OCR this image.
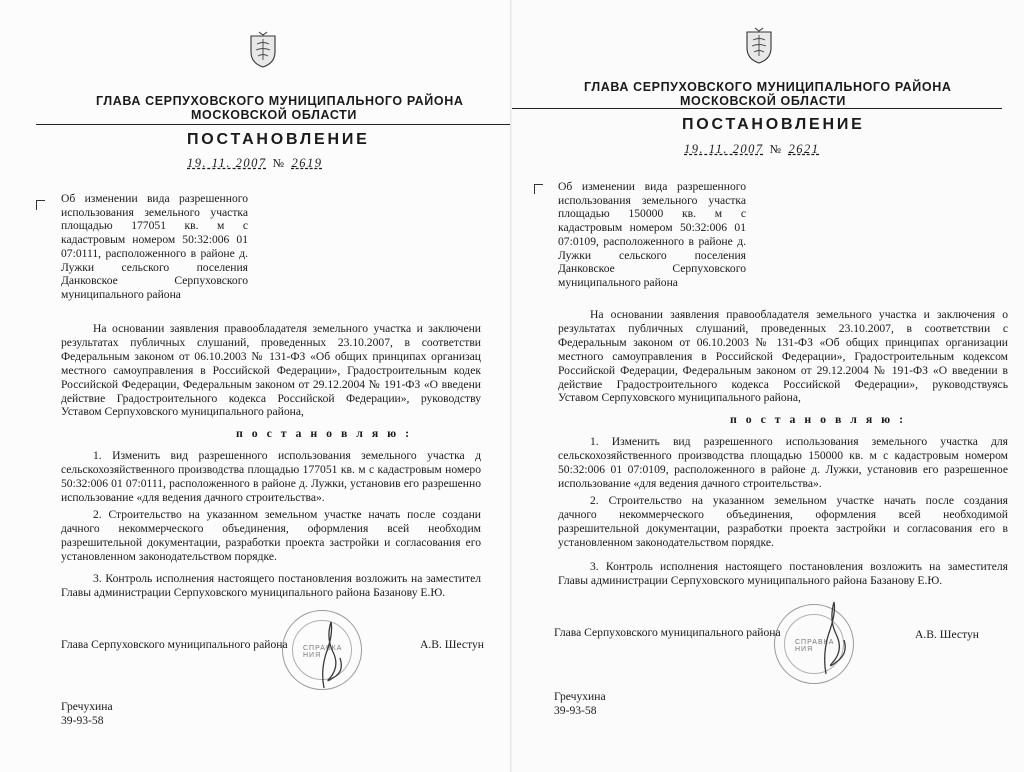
ГЛАВА СЕРПУХОВСКОГО МУНИЦИПАЛЬНОГО РАЙОНА
МОСКОВСКОЙ ОБЛАСТИ
ПОСТАНОВЛЕНИЕ
19. 11. 2007 № 2619
Об изменении вида разрешенного
использования земельного участка
площадью 177051 кв. м с
кадастровым номером 50:32:006 01
07:0111, расположенного в районе д.
Лужки сельского поселения
Данковское Серпуховского
муниципального района
На основании заявления правообладателя земельного участка и заключени
результатах публичных слушаний, проведенных 23.10.2007, в соответстви
Федеральным законом от 06.10.2003 № 131-ФЗ «Об общих принципах организац
местного самоуправления в Российской Федерации», Градостроительным кодек
Российской Федерации, Федеральным законом от 29.12.2004 № 191-ФЗ «О введени
действие Градостроительного кодекса Российской Федерации», руководству
Уставом Серпуховского муниципального района,
п о с т а н о в л я ю :
1. Изменить вид разрешенного использования земельного участка д
сельскохозяйственного производства площадью 177051 кв. м с кадастровым номеро
50:32:006 01 07:0111, расположенного в районе д. Лужки, установив его разрешенно
использование «для ведения дачного строительства».
2. Строительство на указанном земельном участке начать после создани
дачного некоммерческого объединения, оформления всей необходим
разрешительной документации, разработки проекта застройки и согласования его
установленном законодательством порядке.
3. Контроль исполнения настоящего постановления возложить на заместител
Главы администрации Серпуховского муниципального района Базанову Е.Ю.
СПРАВКА НИЯ
Глава Серпуховского муниципального района	А.В. Шестун
Гречухина
39-93-58
ГЛАВА СЕРПУХОВСКОГО МУНИЦИПАЛЬНОГО РАЙОНА
МОСКОВСКОЙ ОБЛАСТИ
ПОСТАНОВЛЕНИЕ
19. 11. 2007 № 2621
Об изменении вида разрешенного
использования земельного участка
площадью 150000 кв. м с
кадастровым номером 50:32:006 01
07:0109, расположенного в районе д.
Лужки сельского поселения
Данковское Серпуховского
муниципального района
На основании заявления правообладателя земельного участка и заключения о
результатах публичных слушаний, проведенных 23.10.2007, в соответствии с
Федеральным законом от 06.10.2003 № 131-ФЗ «Об общих принципах организации
местного самоуправления в Российской Федерации», Градостроительным кодексом
Российской Федерации, Федеральным законом от 29.12.2004 № 191-ФЗ «О введении в
действие Градостроительного кодекса Российской Федерации», руководствуясь
Уставом Серпуховского муниципального района,
п о с т а н о в л я ю :
1. Изменить вид разрешенного использования земельного участка для
сельскохозяйственного производства площадью 150000 кв. м с кадастровым номером
50:32:006 01 07:0109, расположенного в районе д. Лужки, установив его разрешенное
использование «для ведения дачного строительства».
2. Строительство на указанном земельном участке начать после создания
дачного некоммерческого объединения, оформления всей необходимой
разрешительной документации, разработки проекта застройки и согласования его в
установленном законодательством порядке.
3. Контроль исполнения настоящего постановления возложить на заместителя
Главы администрации Серпуховского муниципального района Базанову Е.Ю.
СПРАВКА НИЯ
Глава Серпуховского муниципального района	А.В. Шестун
Гречухина
39-93-58
